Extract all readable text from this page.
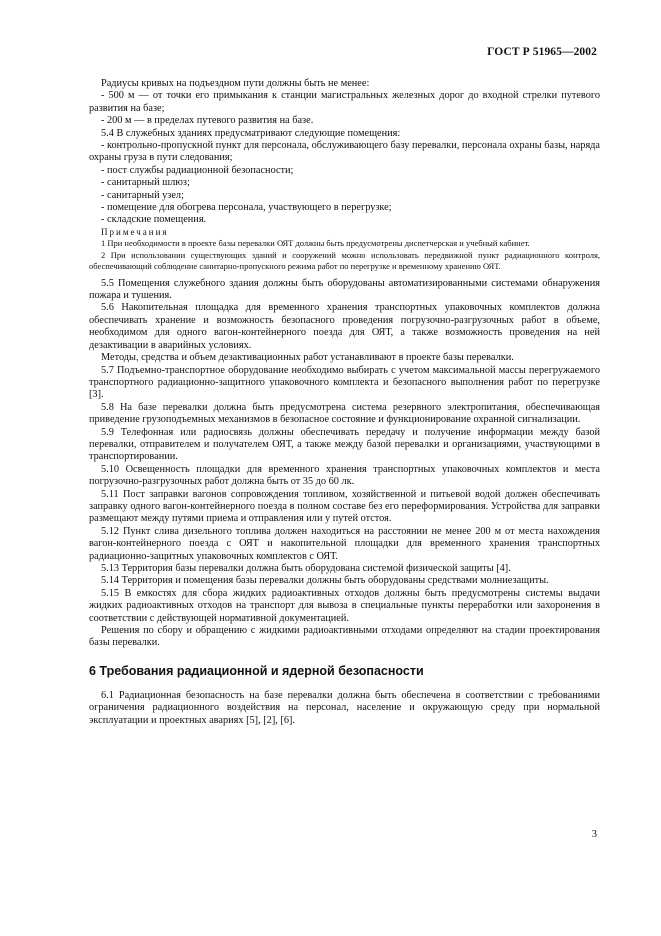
ГОСТ Р 51965—2002

Радиусы кривых на подъездном пути должны быть не менее:

- 500 м — от точки его примыкания к станции магистральных железных дорог до входной стрелки путевого развития на базе;

- 200 м — в пределах путевого развития на базе.

5.4 В служебных зданиях предусматривают следующие помещения:

- контрольно-пропускной пункт для персонала, обслуживающего базу перевалки, персонала охраны базы, наряда охраны груза в пути следования;

- пост службы радиационной безопасности;

- санитарный шлюз;

- санитарный узел;

- помещение для обогрева персонала, участвующего в перегрузке;

- складские помещения.

Примечания

1 При необходимости в проекте базы перевалки ОЯТ должны быть предусмотрены диспетчерская и учебный кабинет.

2 При использовании существующих зданий и сооружений можно использовать передвижной пункт радиационного контроля, обеспечивающий соблюдение санитарно-пропускного режима работ по перегрузке и временному хранению ОЯТ.

5.5 Помещения служебного здания должны быть оборудованы автоматизированными системами обнаружения пожара и тушения.

5.6 Накопительная площадка для временного хранения транспортных упаковочных комплектов должна обеспечивать хранение и возможность безопасного проведения погрузочно-разгрузочных работ в объеме, необходимом для одного вагон-контейнерного поезда для ОЯТ, а также возможность проведения на ней дезактивации в аварийных условиях.

Методы, средства и объем дезактивационных работ устанавливают в проекте базы перевалки.

5.7 Подъемно-транспортное оборудование необходимо выбирать с учетом максимальной массы перегружаемого транспортного радиационно-защитного упаковочного комплекта и безопасного выполнения работ по перегрузке [3].

5.8 На базе перевалки должна быть предусмотрена система резервного электропитания, обеспечивающая приведение грузоподъемных механизмов в безопасное состояние и функционирование охранной сигнализации.

5.9 Телефонная или радиосвязь должны обеспечивать передачу и получение информации между базой перевалки, отправителем и получателем ОЯТ, а также между базой перевалки и организациями, участвующими в транспортировании.

5.10 Освещенность площадки для временного хранения транспортных упаковочных комплектов и места погрузочно-разгрузочных работ должна быть от 35 до 60 лк.

5.11 Пост заправки вагонов сопровождения топливом, хозяйственной и питьевой водой должен обеспечивать заправку одного вагон-контейнерного поезда в полном составе без его переформирования. Устройства для заправки размещают между путями приема и отправления или у путей отстоя.

5.12 Пункт слива дизельного топлива должен находиться на расстоянии не менее 200 м от места нахождения вагон-контейнерного поезда с ОЯТ и накопительной площадки для временного хранения транспортных радиационно-защитных упаковочных комплектов с ОЯТ.

5.13 Территория базы перевалки должна быть оборудована системой физической защиты [4].

5.14 Территория и помещения базы перевалки должны быть оборудованы средствами молниезащиты.

5.15 В емкостях для сбора жидких радиоактивных отходов должны быть предусмотрены системы выдачи жидких радиоактивных отходов на транспорт для вывоза в специальные пункты переработки или захоронения в соответствии с действующей нормативной документацией.

Решения по сбору и обращению с жидкими радиоактивными отходами определяют на стадии проектирования базы перевалки.

6 Требования радиационной и ядерной безопасности

6.1 Радиационная безопасность на базе перевалки должна быть обеспечена в соответствии с требованиями ограничения радиационного воздействия на персонал, население и окружающую среду при нормальной эксплуатации и проектных авариях [5], [2], [6].

3
